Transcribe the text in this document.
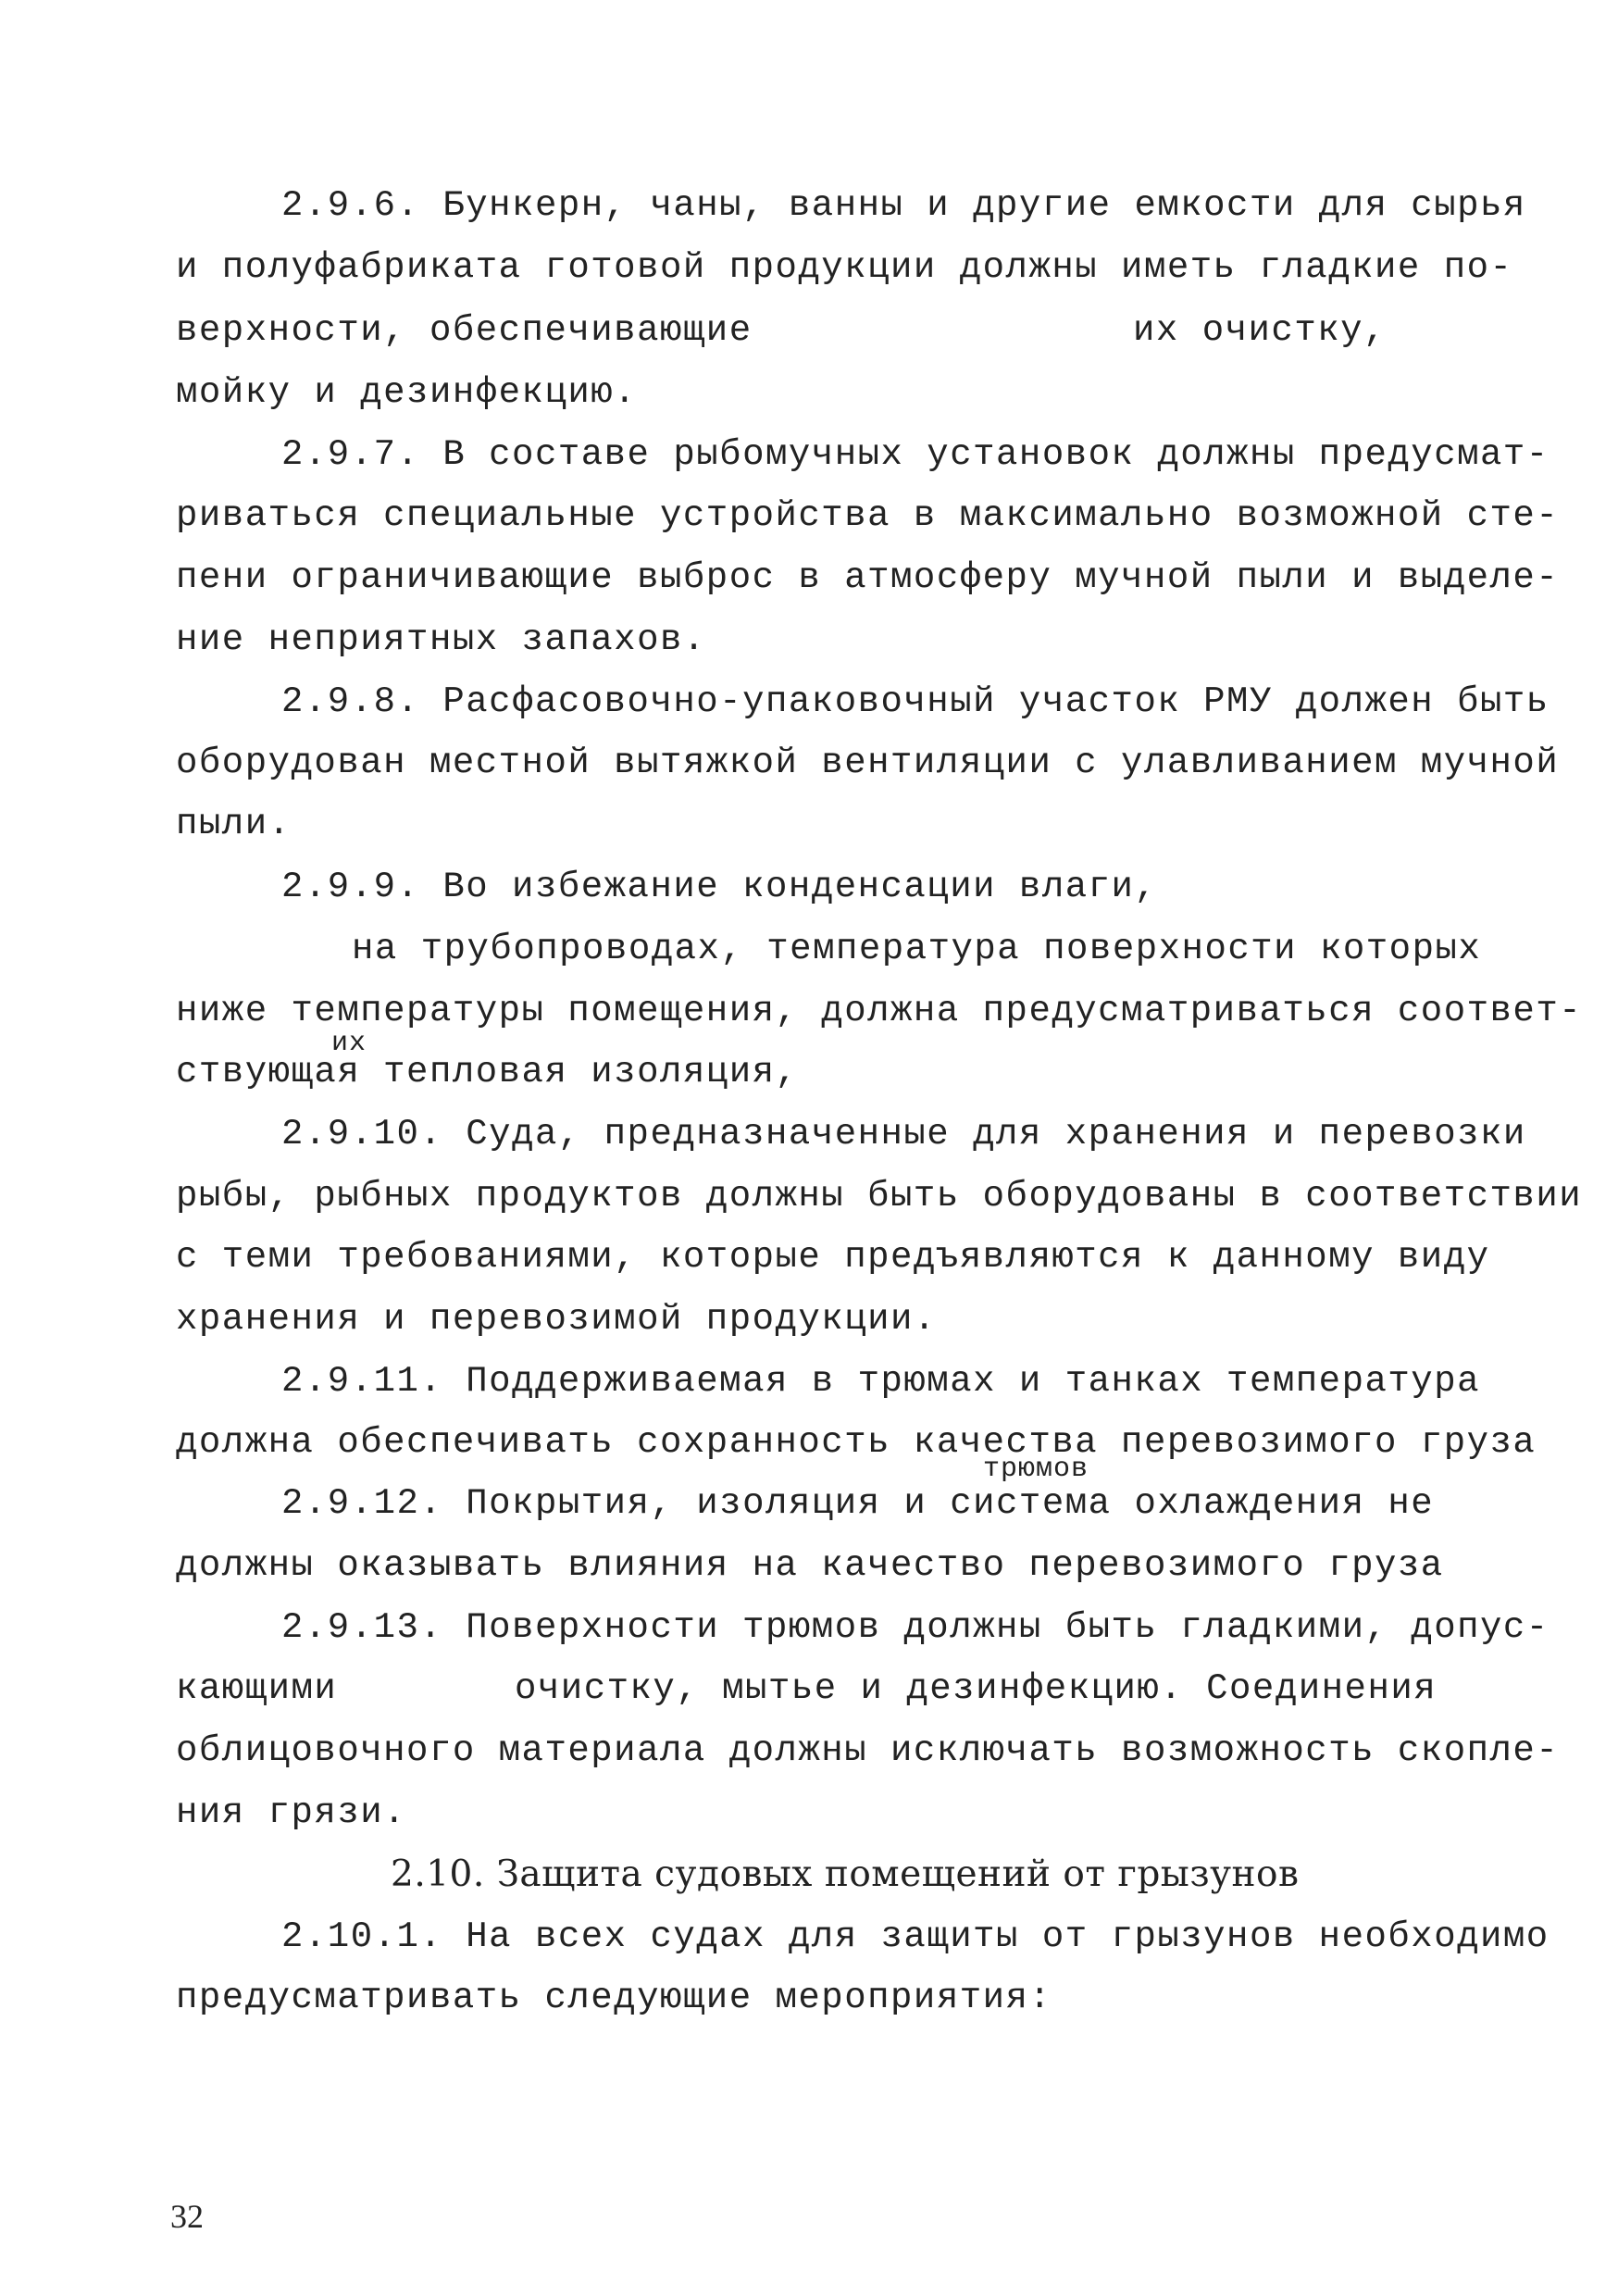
2.9.6. Бункерн, чаны, ванны и другие емкости для сырья
и полуфабриката готовой продукции должны иметь гладкие по-
верхности, обеспечивающие	их очистку,
мойку и дезинфекцию.
2.9.7. В составе рыбомучных установок должны предусмат-
риваться специальные устройства в максимально возможной сте-
пени ограничивающие выброс в атмосферу мучной пыли и выделе-
ние неприятных запахов.
2.9.8. Расфасовочно-упаковочный участок РМУ должен быть
оборудован местной вытяжкой вентиляции с улавливанием мучной
пыли.
2.9.9. Во избежание конденсации влаги,
на трубопроводах, температура поверхности которых
ниже температуры помещения, должна предусматриваться соответ-
их
ствующая тепловая изоляция,
2.9.10. Суда, предназначенные для хранения и перевозки
рыбы, рыбных продуктов должны быть оборудованы в соответствии
с теми требованиями, которые предъявляются к данному виду
хранения и перевозимой продукции.
2.9.11. Поддерживаемая в трюмах и танках температура
должна обеспечивать сохранность качества перевозимого груза
трюмов
2.9.12. Покрытия, изоляция и система охлаждения не
должны оказывать влияния на качество перевозимого груза
2.9.13. Поверхности трюмов должны быть гладкими, допус-
кающими	очистку, мытье и дезинфекцию. Соединения
облицовочного материала должны исключать возможность скопле-
ния грязи.
2.10. Защита судовых помещений от грызунов
2.10.1. На всех судах для защиты от грызунов необходимо
предусматривать следующие мероприятия:
32
